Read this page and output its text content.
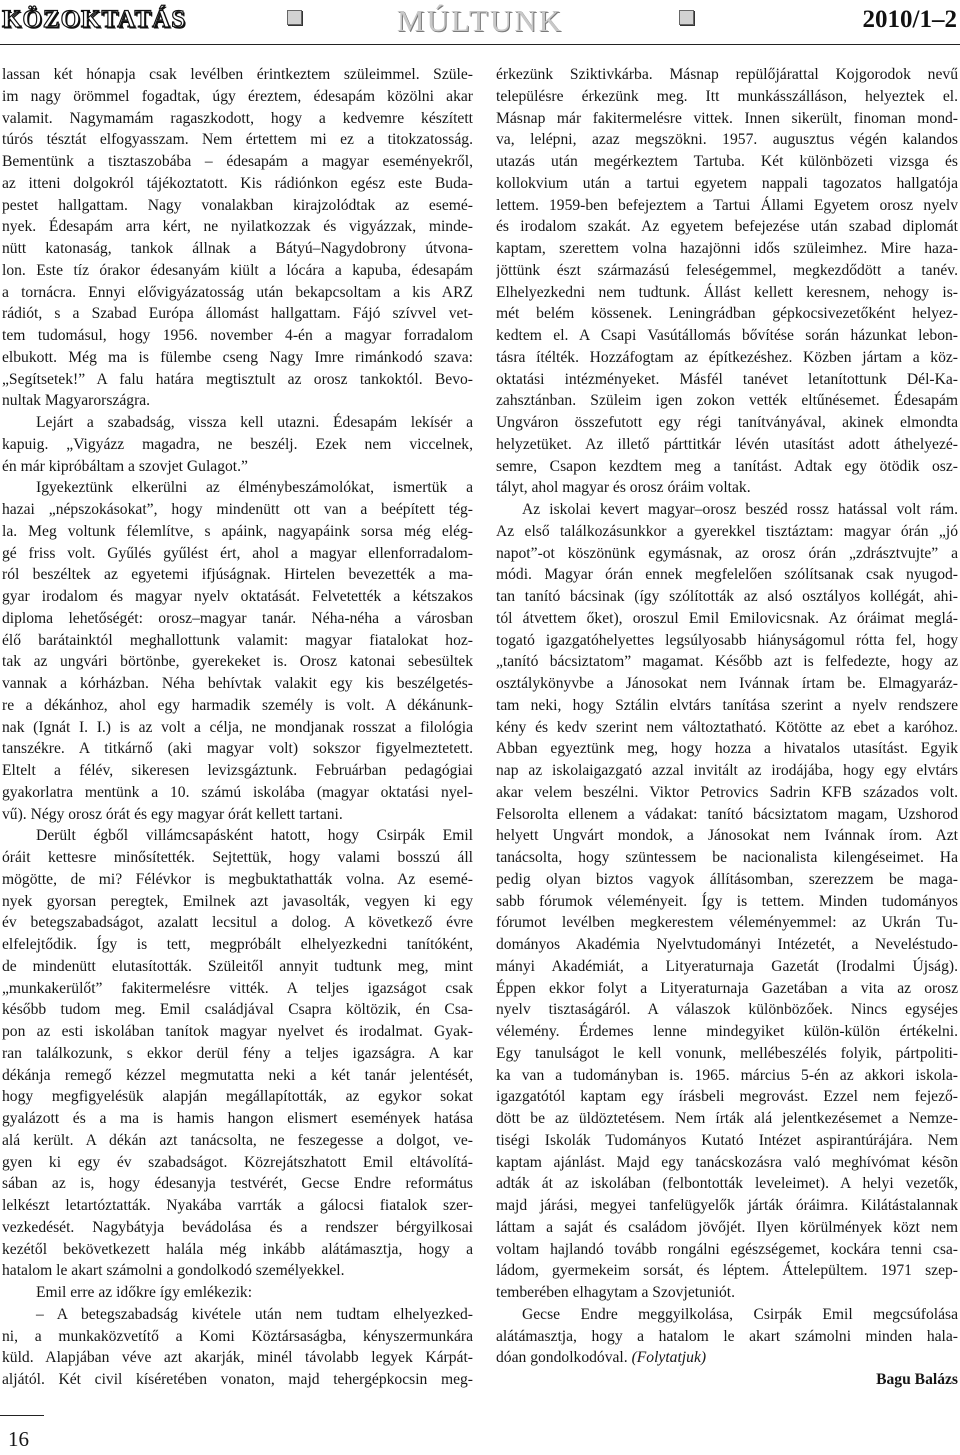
KÖZOKTATÁS	MÚLTUNK	2010/1–2
lassan két hónapja csak levélben érintkeztem szüleimmel. Szüle-
im nagy örömmel fogadtak, úgy éreztem, édesapám közölni akar
valamit. Nagymamám ragaszkodott, hogy a kedvemre készített
túrós tésztát elfogyasszam. Nem értettem mi ez a titokzatosság.
Bementünk a tisztaszobába – édesapám a magyar eseményekről,
az itteni dolgokról tájékoztatott. Kis rádiónkon egész este Buda-
pestet hallgattam. Nagy vonalakban kirajzolódtak az esemé-
nyek. Édesapám arra kért, ne nyilatkozzak és vigyázzak, minde-
nütt katonaság, tankok állnak a Bátyú–Nagydobrony útvona-
lon. Este tíz órakor édesanyám kiült a lócára a kapuba, édesapám
a tornácra. Ennyi elővigyázatosság után bekapcsoltam a kis ARZ
rádiót, s a Szabad Európa állomást hallgattam. Fájó szívvel vet-
tem tudomásul, hogy 1956. november 4-én a magyar forradalom
elbukott. Még ma is fülembe cseng Nagy Imre rimánkodó szava:
„Segítsetek!” A falu határa megtisztult az orosz tankoktól. Bevo-
nultak Magyarországra.
Lejárt a szabadság, vissza kell utazni. Édesapám lekísér a
kapuig. „Vigyázz magadra, ne beszélj. Ezek nem viccelnek,
én már kipróbáltam a szovjet Gulagot.”
Igyekeztünk elkerülni az élménybeszámolókat, ismertük a
hazai „népszokásokat”, hogy mindenütt ott van a beépített tég-
la. Meg voltunk félemlítve, s apáink, nagyapáink sorsa még elég-
gé friss volt. Gyűlés gyűlést ért, ahol a magyar ellenforradalom-
ról beszéltek az egyetemi ifjúságnak. Hirtelen bevezették a ma-
gyar irodalom és magyar nyelv oktatását. Felvetették a kétszakos
diploma lehetőségét: orosz–magyar tanár. Néha-néha a városban
élő barátainktól meghallottunk valamit: magyar fiatalokat hoz-
tak az ungvári börtönbe, gyerekeket is. Orosz katonai sebesültek
vannak a kórházban. Néha behívtak valakit egy kis beszélgetés-
re a dékánhoz, ahol egy harmadik személy is volt. A dékánunk-
nak (Ignát I. I.) is az volt a célja, ne mondjanak rosszat a filológia
tanszékre. A titkárnő (aki magyar volt) sokszor figyelmeztetett.
Eltelt a félév, sikeresen levizsgáztunk. Februárban pedagógiai
gyakorlatra mentünk a 10. számú iskolába (magyar oktatási nyel-
vű). Négy orosz órát és egy magyar órát kellett tartani.
Derült égből villámcsapásként hatott, hogy Csirpák Emil
óráit kettesre minősítették. Sejtettük, hogy valami bosszú áll
mögötte, de mi? Félévkor is megbuktathatták volna. Az esemé-
nyek gyorsan peregtek, Emilnek azt javasolták, vegyen ki egy
év betegszabadságot, azalatt lecsitul a dolog. A következő évre
elfelejtődik. Így is tett, megpróbált elhelyezkedni tanítóként,
de mindenütt elutasították. Szüleitől annyit tudtunk meg, mint
„munkakerülőt” fakitermelésre vitték. A teljes igazságot csak
később tudom meg. Emil családjával Csapra költözik, én Csa-
pon az esti iskolában tanítok magyar nyelvet és irodalmat. Gyak-
ran találkozunk, s ekkor derül fény a teljes igazságra. A kar
dékánja remegő kézzel megmutatta neki a két tanár jelentését,
hogy megfigyelésük alapján megállapították, az egykor sokat
gyalázott és a ma is hamis hangon elismert események hatása
alá került. A dékán azt tanácsolta, ne feszegesse a dolgot, ve-
gyen ki egy év szabadságot. Közrejátszhatott Emil eltávolítá-
sában az is, hogy édesanyja testvérét, Gecse Endre református
lelkészt letartóztatták. Nyakába varrták a gálocsi fiatalok szer-
vezkedését. Nagybátyja bevádolása és a rendszer bérgyilkosai
kezétől bekövetkezett halála még inkább alátámasztja, hogy a
hatalom le akart számolni a gondolkodó személyekkel.
Emil erre az időkre így emlékezik:
– A betegszabadság kivétele után nem tudtam elhelyezked-
ni, a munkaközvetítő a Komi Köztársaságba, kényszermunkára
küld. Alapjában véve azt akarják, minél távolabb legyek Kárpát-
aljától. Két civil kíséretében vonaton, majd tehergépkocsin meg-
érkezünk Sziktivkárba. Másnap repülőjárattal Kojgorodok nevű
településre érkezünk meg. Itt munkásszálláson, helyeztek el.
Másnap már fakitermelésre vittek. Innen sikerült, finoman mond-
va, lelépni, azaz megszökni. 1957. augusztus végén kalandos
utazás után megérkeztem Tartuba. Két különbözeti vizsga és
kollokvium után a tartui egyetem nappali tagozatos hallgatója
lettem. 1959-ben befejeztem a Tartui Állami Egyetem orosz nyelv
és irodalom szakát. Az egyetem befejezése után szabad diplomát
kaptam, szerettem volna hazajönni idős szüleimhez. Mire haza-
jöttünk észt származású feleségemmel, megkezdődött a tanév.
Elhelyezkedni nem tudtunk. Állást kellett keresnem, nehogy is-
mét belém kössenek. Leningrádban gépkocsivezetőként helyez-
kedtem el. A Csapi Vasútállomás bővítése során házunkat lebon-
tásra ítélték. Hozzáfogtam az építkezéshez. Közben jártam a köz-
oktatási intézményeket. Másfél tanévet letanítottunk Dél-Ka-
zahsztánban. Szüleim igen zokon vették eltűnésemet. Édesapám
Ungváron összefutott egy régi tanítványával, akinek elmondta
helyzetüket. Az illető párttitkár lévén utasítást adott áthelyezé-
semre, Csapon kezdtem meg a tanítást. Adtak egy ötödik osz-
tályt, ahol magyar és orosz óráim voltak.
Az iskolai kevert magyar–orosz beszéd rossz hatással volt rám.
Az első találkozásunkkor a gyerekkel tisztáztam: magyar órán „jó
napot”-ot köszönünk egymásnak, az orosz órán „zdrásztvujte” a
módi. Magyar órán ennek megfelelően szólítsanak csak nyugod-
tan tanító bácsinak (így szólították az alsó osztályos kollégát, ahi-
tól átvettem őket), oroszul Emil Emilovicsnak. Az óráimat meglá-
togató igazgatóhelyettes legsúlyosabb hiányságomul rótta fel, hogy
„tanító bácsiztatom” magamat. Később azt is felfedezte, hogy az
osztálykönyvbe a Jánosokat nem Ivánnak írtam be. Elmagyaráz-
tam neki, hogy Sztálin elvtárs tanítása szerint a nyelv rendszere
kény és kedv szerint nem változtatható. Kötötte az ebet a karóhoz.
Abban egyeztünk meg, hogy hozza a hivatalos utasítást. Egyik
nap az iskolaigazgató azzal invitált az irodájába, hogy egy elvtárs
akar velem beszélni. Viktor Petrovics Sadrin KFB százados volt.
Felsorolta ellenem a vádakat: tanító bácsiztatom magam, Uzshorod
helyett Ungvárt mondok, a Jánosokat nem Ivánnak írom. Azt
tanácsolta, hogy szüntessem be nacionalista kilengéseimet. Ha
pedig olyan biztos vagyok állításomban, szerezzem be maga-
sabb fórumok véleményeit. Így is tettem. Minden tudományos
fórumot levélben megkerestem véleményemmel: az Ukrán Tu-
dományos Akadémia Nyelvtudományi Intézetét, a Neveléstudo-
mányi Akadémiát, a Lityeraturnaja Gazetát (Irodalmi Újság).
Éppen ekkor folyt a Lityeraturnaja Gazetában a vita az orosz
nyelv tisztaságáról. A válaszok különbözőek. Nincs egyséjes
vélemény. Érdemes lenne mindegyiket külön-külön értékelni.
Egy tanulságot le kell vonunk, mellébeszélés folyik, pártpoliti-
ka van a tudományban is. 1965. március 5-én az akkori iskola-
igazgatótól kaptam egy írásbeli megrovást. Ezzel nem fejező-
dött be az üldöztetésem. Nem írták alá jelentkezésemet a Nemze-
tiségi Iskolák Tudományos Kutató Intézet aspirantúrájára. Nem
kaptam ajánlást. Majd egy tanácskozásra való meghívómat késõn
adták át az iskolában (felbontották leveleimet). A helyi vezetők,
majd járási, megyei tanfelügyelők járták óráimra. Kilátástalannak
láttam a saját és családom jövőjét. Ilyen körülmények közt nem
voltam hajlandó tovább rongálni egészségemet, kockára tenni csa-
ládom, gyermekeim sorsát, és léptem. Áttelepültem. 1971 szep-
temberében elhagytam a Szovjetuniót.
Gecse Endre meggyilkolása, Csirpák Emil megcsúfolása
alátámasztja, hogy a hatalom le akart számolni minden hala-
dóan gondolkodóval. (Folytatjuk)
Bagu Balázs
16
